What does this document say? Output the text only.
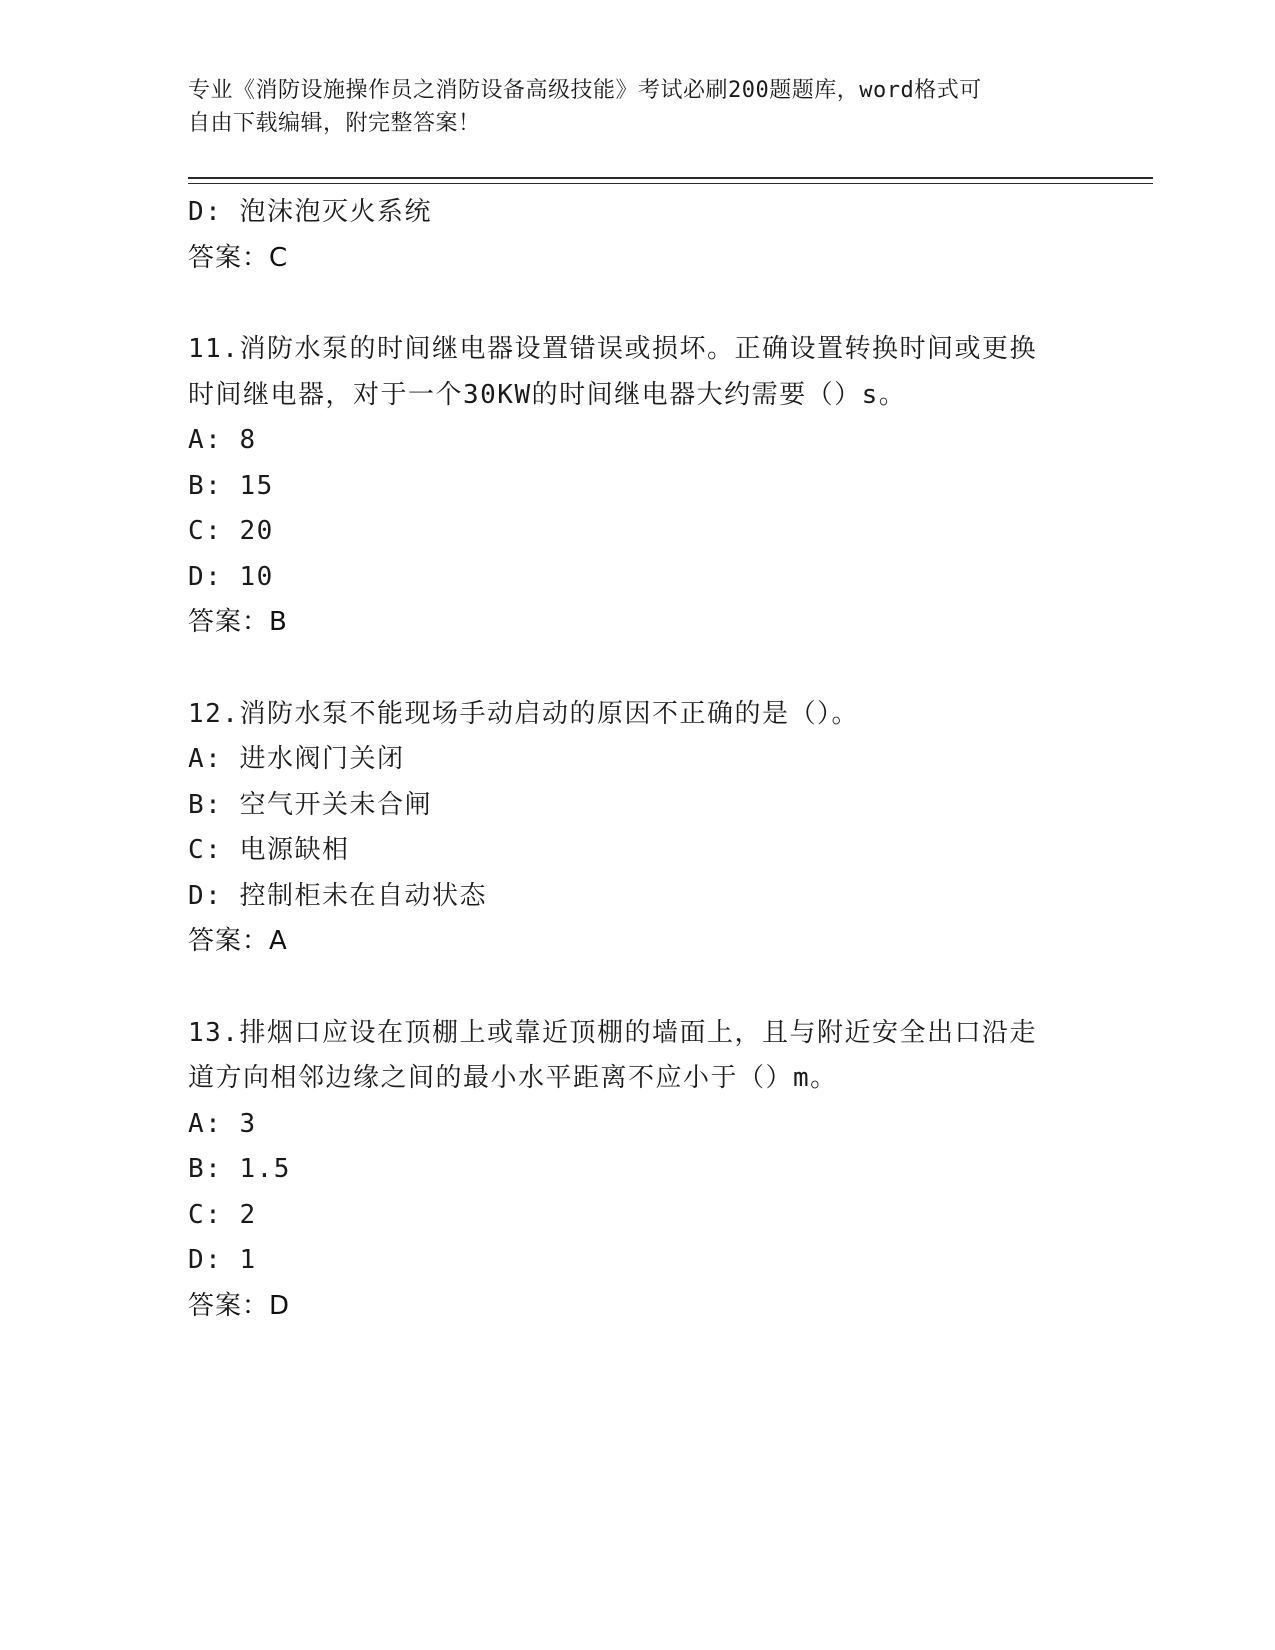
专业《消防设施操作员之消防设备高级技能》考试必刷200题题库，word格式可
自由下载编辑，附完整答案！
D: 泡沫泡灭火系统
答案：C
11.消防水泵的时间继电器设置错误或损坏。正确设置转换时间或更换
时间继电器，对于一个30KW的时间继电器大约需要（）s。
A: 8
B: 15
C: 20
D: 10
答案：B
12.消防水泵不能现场手动启动的原因不正确的是（）。
A: 进水阀门关闭
B: 空气开关未合闸
C: 电源缺相
D: 控制柜未在自动状态
答案：A
13.排烟口应设在顶棚上或靠近顶棚的墙面上，且与附近安全出口沿走
道方向相邻边缘之间的最小水平距离不应小于（）m。
A: 3
B: 1.5
C: 2
D: 1
答案：D
